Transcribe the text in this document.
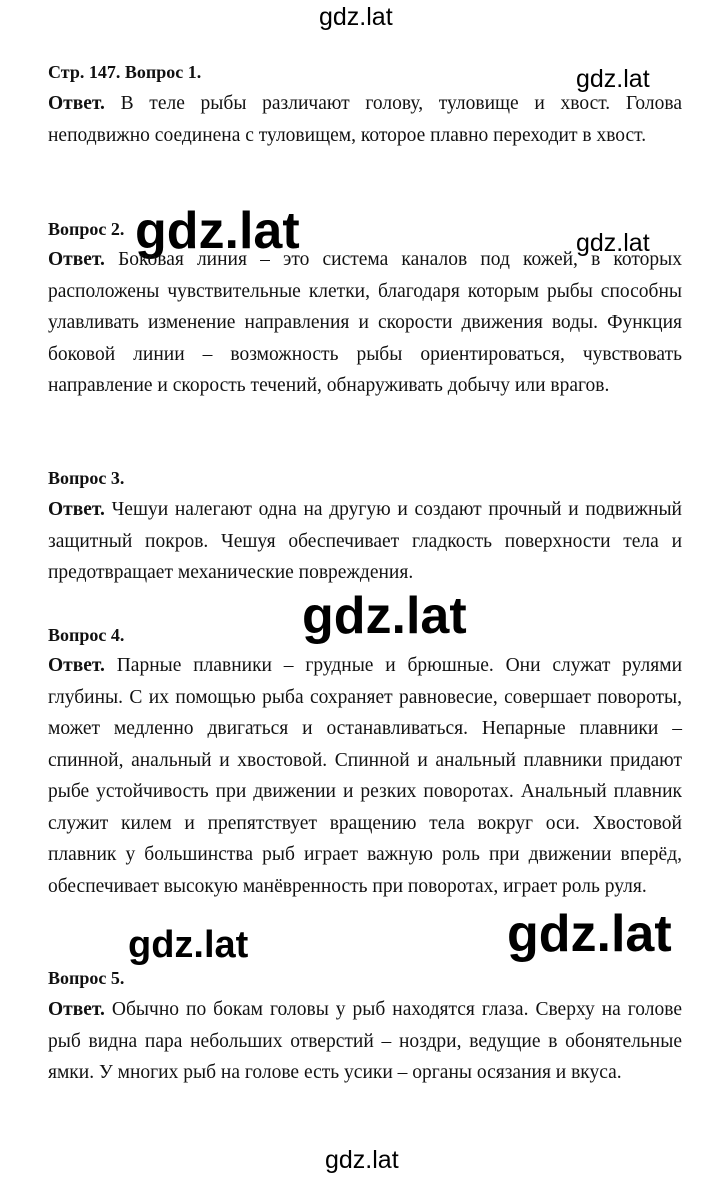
gdz.lat
gdz.lat
gdz.lat	gdz.lat
gdz.lat
gdz.lat	gdz.lat
gdz.lat
Стр. 147. Вопрос 1.
Ответ. В теле рыбы различают голову, туловище и хвост. Голова неподвижно соединена с туловищем, которое плавно переходит в хвост.
Вопрос 2.
Ответ. Боковая линия – это система каналов под кожей, в которых расположены чувствительные клетки, благодаря которым рыбы способны улавливать изменение направления и скорости движения воды. Функция боковой линии – возможность рыбы ориентироваться, чувствовать направление и скорость течений, обнаруживать добычу или врагов.
Вопрос 3.
Ответ. Чешуи налегают одна на другую и создают прочный и подвижный защитный покров. Чешуя обеспечивает гладкость поверхности тела и предотвращает механические повреждения.
Вопрос 4.
Ответ. Парные плавники – грудные и брюшные. Они служат рулями глубины. С их помощью рыба сохраняет равновесие, совершает повороты, может медленно двигаться и останавливаться. Непарные плавники – спинной, анальный и хвостовой. Спинной и анальный плавники придают рыбе устойчивость при движении и резких поворотах. Анальный плавник служит килем и препятствует вращению тела вокруг оси. Хвостовой плавник у большинства рыб играет важную роль при движении вперёд, обеспечивает высокую манёвренность при поворотах, играет роль руля.
Вопрос 5.
Ответ. Обычно по бокам головы у рыб находятся глаза. Сверху на голове рыб видна пара небольших отверстий – ноздри, ведущие в обонятельные ямки. У многих рыб на голове есть усики – органы осязания и вкуса.
